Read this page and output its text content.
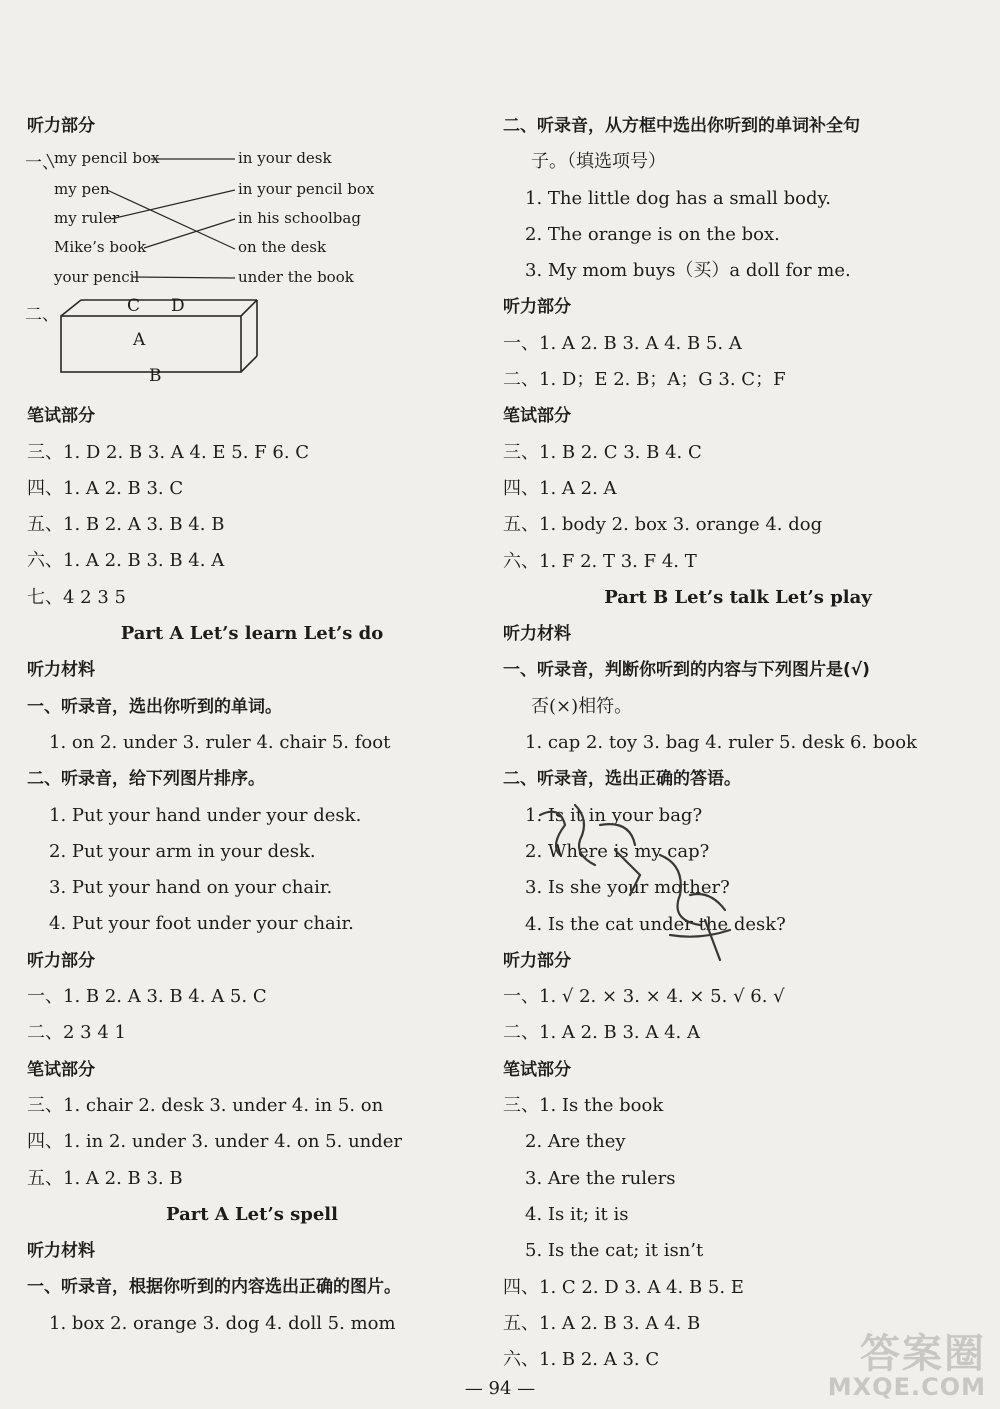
听力部分
一、
my pencil box
my pen
my ruler
Mike’s book
your pencil
in your desk
in your pencil box
in his schoolbag
on the desk
under the book
二、	C D
A
B
笔试部分
三、1. D 2. B 3. A 4. E 5. F 6. C
四、1. A 2. B 3. C
五、1. B 2. A 3. B 4. B
六、1. A 2. B 3. B 4. A
七、4 2 3 5
Part A Let’s learn Let’s do
听力材料
一、听录音，选出你听到的单词。
1. on 2. under 3. ruler 4. chair 5. foot
二、听录音，给下列图片排序。
1. Put your hand under your desk.
2. Put your arm in your desk.
3. Put your hand on your chair.
4. Put your foot under your chair.
听力部分
一、1. B 2. A 3. B 4. A 5. C
二、2 3 4 1
笔试部分
三、1. chair 2. desk 3. under 4. in 5. on
四、1. in 2. under 3. under 4. on 5. under
五、1. A 2. B 3. B
Part A Let’s spell
听力材料
一、听录音，根据你听到的内容选出正确的图片。
1. box 2. orange 3. dog 4. doll 5. mom
二、听录音，从方框中选出你听到的单词补全句
子。（填选项号）
1. The little dog has a small body.
2. The orange is on the box.
3. My mom buys（买）a doll for me.
听力部分
一、1. A 2. B 3. A 4. B 5. A
二、1. D；E 2. B；A；G 3. C；F
笔试部分
三、1. B 2. C 3. B 4. C
四、1. A 2. A
五、1. body 2. box 3. orange 4. dog
六、1. F 2. T 3. F 4. T
Part B Let’s talk Let’s play
听力材料
一、听录音，判断你听到的内容与下列图片是(√)
否(×)相符。
1. cap 2. toy 3. bag 4. ruler 5. desk 6. book
二、听录音，选出正确的答语。
1. Is it in your bag?
2. Where is my cap?
3. Is she your mother?
4. Is the cat under the desk?
听力部分
一、1. √ 2. × 3. × 4. × 5. √ 6. √
二、1. A 2. B 3. A 4. A
笔试部分
三、1. Is the book
2. Are they
3. Are the rulers
4. Is it; it is
5. Is the cat; it isn’t
四、1. C 2. D 3. A 4. B 5. E
五、1. A 2. B 3. A 4. B
六、1. B 2. A 3. C
— 94 —
答案圈
MXQE.COM
